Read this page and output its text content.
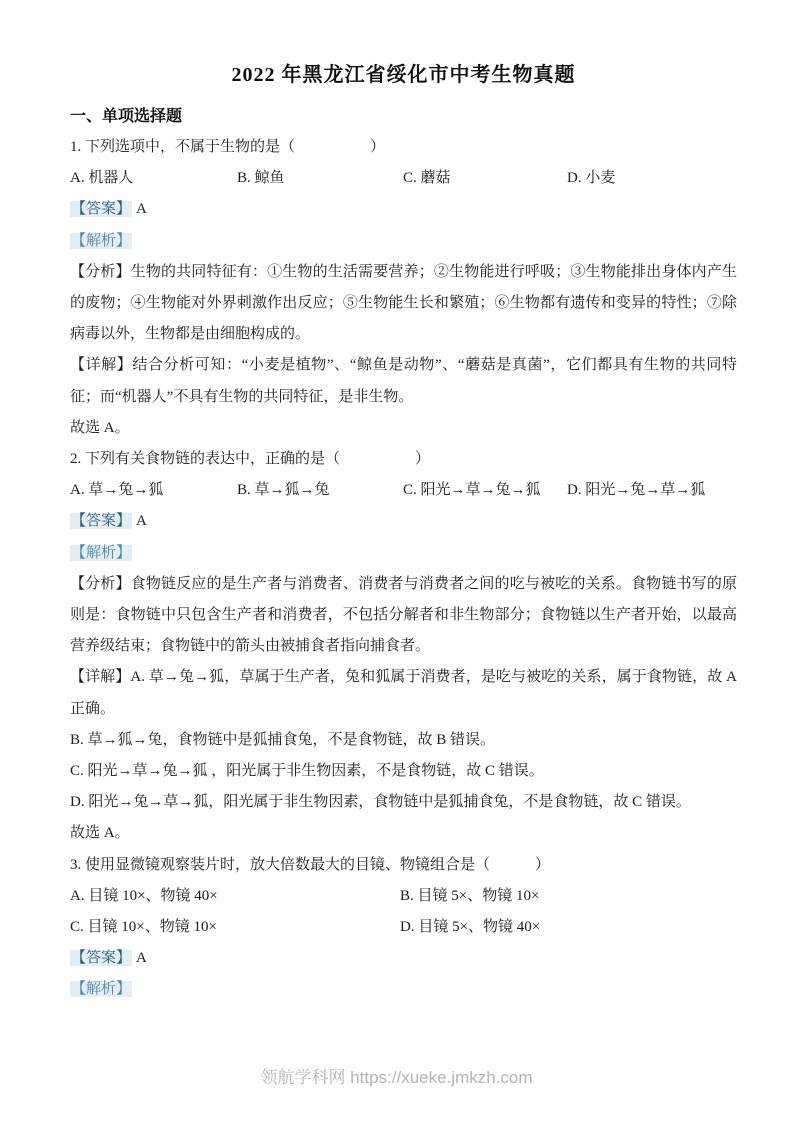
2022 年黑龙江省绥化市中考生物真题
一、单项选择题
1. 下列选项中，不属于生物的是（　　　　　）
A. 机器人	B. 鲸鱼	C. 蘑菇	D. 小麦
【答案】 A
【解析】

【分析】生物的共同特征有：①生物的生活需要营养；②生物能进行呼吸；③生物能排出身体内产生的废物；④生物能对外界刺激作出反应；⑤生物能生长和繁殖；⑥生物都有遗传和变异的特性；⑦除病毒以外，生物都是由细胞构成的。

【详解】结合分析可知：“小麦是植物”、“鲸鱼是动物”、“蘑菇是真菌”，它们都具有生物的共同特征；而“机器人”不具有生物的共同特征，是非生物。

故选 A。

2. 下列有关食物链的表达中，正确的是（　　　　　）
A. 草→兔→狐	B. 草→狐→兔	C. 阳光→草→兔→狐	D. 阳光→兔→草→狐
【答案】 A
【解析】

【分析】食物链反应的是生产者与消费者、消费者与消费者之间的吃与被吃的关系。食物链书写的原则是：食物链中只包含生产者和消费者，不包括分解者和非生物部分；食物链以生产者开始，以最高营养级结束；食物链中的箭头由被捕食者指向捕食者。

【详解】A. 草→兔→狐，草属于生产者，兔和狐属于消费者，是吃与被吃的关系，属于食物链，故 A 正确。

B. 草→狐→兔，食物链中是狐捕食兔，不是食物链，故 B 错误。

C. 阳光→草→兔→狐 ，阳光属于非生物因素，不是食物链，故 C 错误。

D. 阳光→兔→草→狐，阳光属于非生物因素，食物链中是狐捕食兔，不是食物链，故 C 错误。

故选 A。

3. 使用显微镜观察装片时，放大倍数最大的目镜、物镜组合是（　　　）
A. 目镜 10×、物镜 40×	B. 目镜 5×、物镜 10×
C. 目镜 10×、物镜 10×	D. 目镜 5×、物镜 40×
【答案】 A
【解析】
领航学科网 https://xueke.jmkzh.com
